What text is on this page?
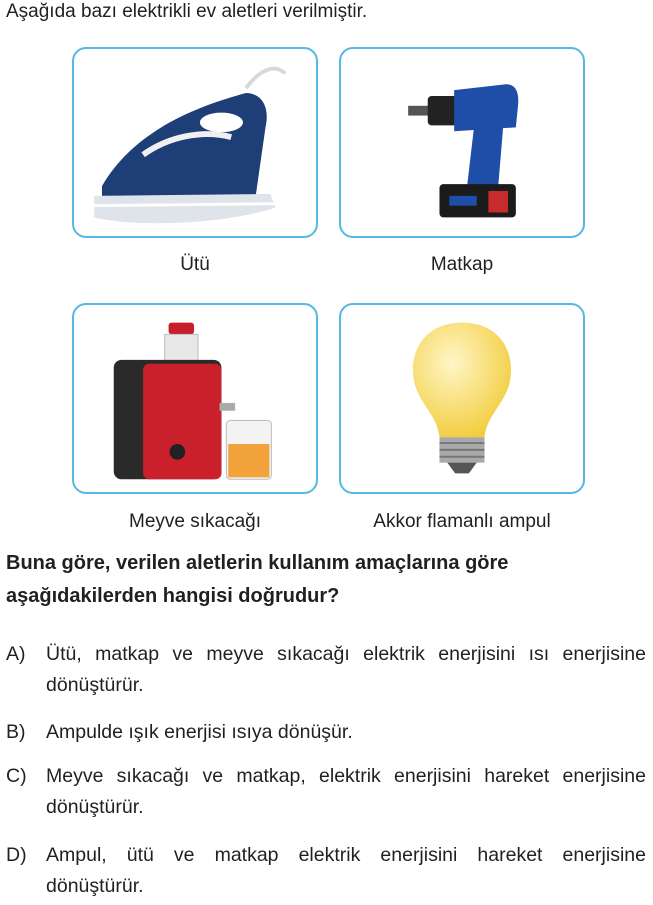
Aşağıda bazı elektrikli ev aletleri verilmiştir.
Ütü	Matkap
Meyve sıkacağı	Akkor flamanlı ampul
Buna göre, verilen aletlerin kullanım amaçlarına göre aşağıdakilerden hangisi doğrudur?
A) Ütü, matkap ve meyve sıkacağı elektrik enerjisini ısı enerjisine dönüştürür.
B) Ampulde ışık enerjisi ısıya dönüşür.
C) Meyve sıkacağı ve matkap, elektrik enerjisini hareket enerjisine dönüştürür.
D) Ampul, ütü ve matkap elektrik enerjisini hareket enerjisine dönüştürür.
